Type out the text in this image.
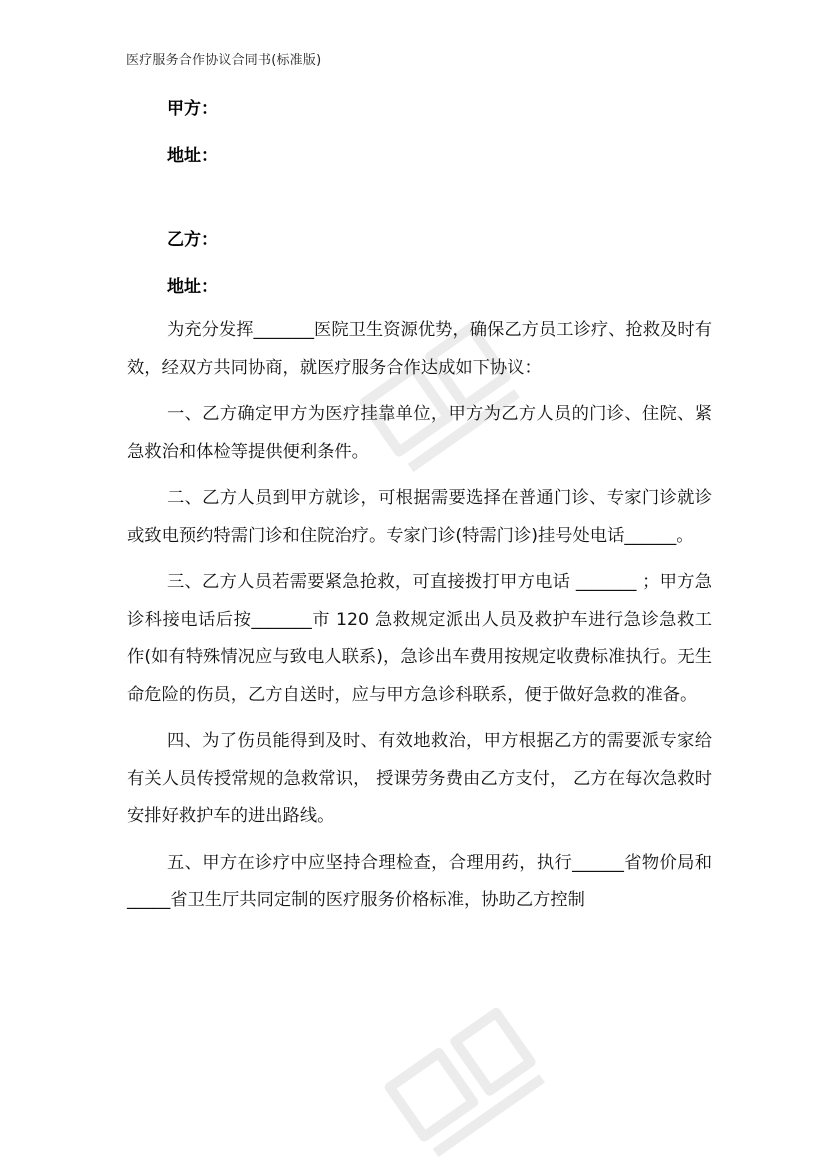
医疗服务合作协议合同书(标准版)
甲方：
地址：
乙方：
地址：

为充分发挥_______医院卫生资源优势，确保乙方员工诊疗、抢救及时有效，经双方共同协商，就医疗服务合作达成如下协议：

一、乙方确定甲方为医疗挂靠单位，甲方为乙方人员的门诊、住院、紧急救治和体检等提供便利条件。

二、乙方人员到甲方就诊，可根据需要选择在普通门诊、专家门诊就诊或致电预约特需门诊和住院治疗。专家门诊(特需门诊)挂号处电话______。

三、乙方人员若需要紧急抢救，可直接拨打甲方电话 _______ ；甲方急诊科接电话后按_______市 120 急救规定派出人员及救护车进行急诊急救工作(如有特殊情况应与致电人联系)，急诊出车费用按规定收费标准执行。无生命危险的伤员，乙方自送时，应与甲方急诊科联系，便于做好急救的准备。

四、为了伤员能得到及时、有效地救治，甲方根据乙方的需要派专家给有关人员传授常规的急救常识， 授课劳务费由乙方支付， 乙方在每次急救时安排好救护车的进出路线。

五、甲方在诊疗中应坚持合理检查，合理用药，执行______省物价局和_____省卫生厅共同定制的医疗服务价格标准，协助乙方控制
